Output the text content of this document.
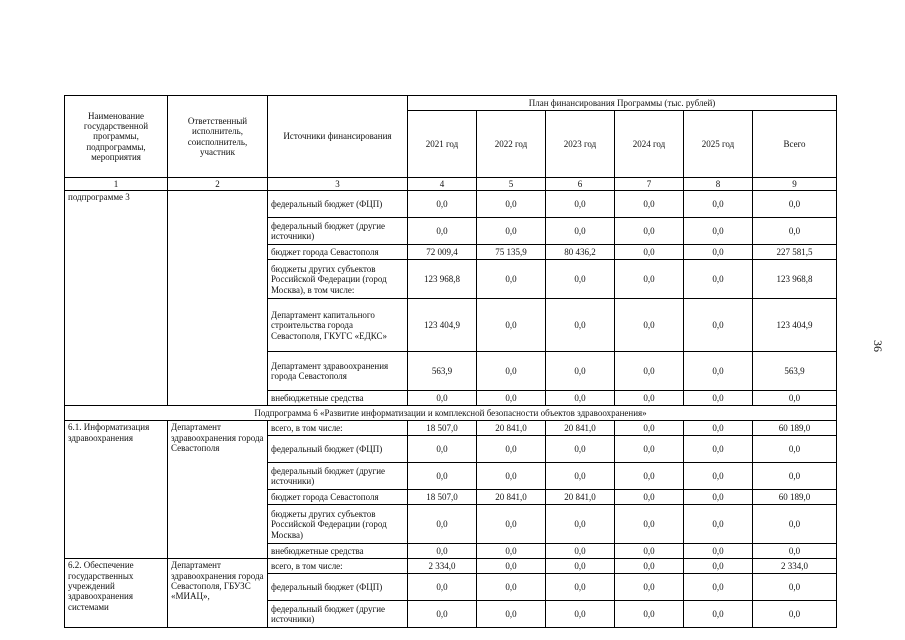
36
Наименование государственной программы, подпрограммы, мероприятия	Ответственный исполнитель, соисполнитель, участник	Источники финансирования	План финансирования Программы (тыс. рублей)					
			2021 год	2022 год	2023 год	2024 год	2025 год	Всего
1	2	3	4	5	6	7	8	9
подпрограмме 3		федеральный бюджет (ФЦП)	0,0	0,0	0,0	0,0	0,0	0,0
		федеральный бюджет (другие источники)	0,0	0,0	0,0	0,0	0,0	0,0
		бюджет города Севастополя	72 009,4	75 135,9	80 436,2	0,0	0,0	227 581,5
		бюджеты других субъектов Российской Федерации (город Москва), в том числе:	123 968,8	0,0	0,0	0,0	0,0	123 968,8
		Департамент капитального строительства города Севастополя, ГКУГС «ЕДКС»	123 404,9	0,0	0,0	0,0	0,0	123 404,9
		Департамент здравоохранения города Севастополя	563,9	0,0	0,0	0,0	0,0	563,9
		внебюджетные средства	0,0	0,0	0,0	0,0	0,0	0,0
Подпрограмма 6 «Развитие информатизации и комплексной безопасности объектов здравоохранения»								
6.1. Информатизация здравоохранения	Департамент здравоохранения города Севастополя	всего, в том числе:	18 507,0	20 841,0	20 841,0	0,0	0,0	60 189,0
		федеральный бюджет (ФЦП)	0,0	0,0	0,0	0,0	0,0	0,0
		федеральный бюджет (другие источники)	0,0	0,0	0,0	0,0	0,0	0,0
		бюджет города Севастополя	18 507,0	20 841,0	20 841,0	0,0	0,0	60 189,0
		бюджеты других субъектов Российской Федерации (город Москва)	0,0	0,0	0,0	0,0	0,0	0,0
		внебюджетные средства	0,0	0,0	0,0	0,0	0,0	0,0
6.2. Обеспечение государственных учреждений здравоохранения системами	Департамент здравоохранения города Севастополя, ГБУЗС «МИАЦ»,	всего, в том числе:	2 334,0	0,0	0,0	0,0	0,0	2 334,0
		федеральный бюджет (ФЦП)	0,0	0,0	0,0	0,0	0,0	0,0
		федеральный бюджет (другие источники)	0,0	0,0	0,0	0,0	0,0	0,0
